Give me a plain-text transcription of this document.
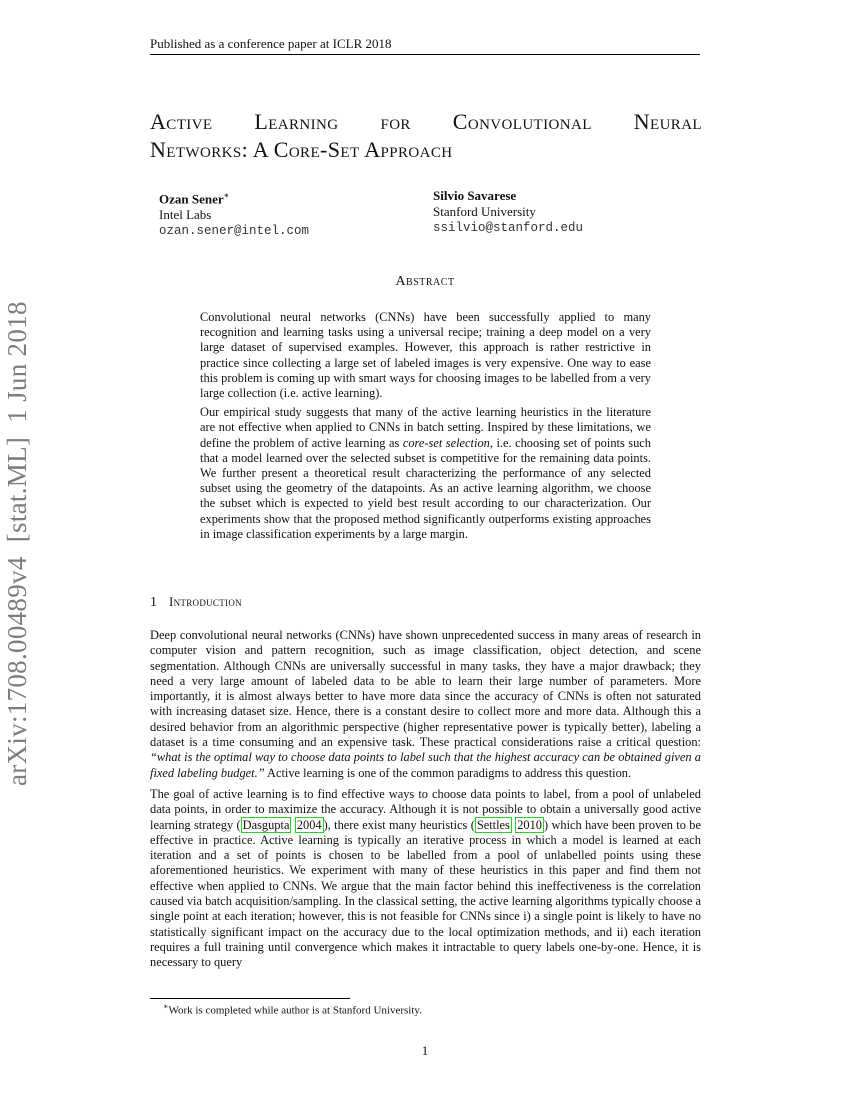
Published as a conference paper at ICLR 2018
Active Learning for Convolutional Neural
Networks: A Core-Set Approach
Ozan Sener∗
Intel Labs
ozan.sener@intel.com
Silvio Savarese
Stanford University
ssilvio@stanford.edu
Abstract

Convolutional neural networks (CNNs) have been successfully applied to many recognition and learning tasks using a universal recipe; training a deep model on a very large dataset of supervised examples. However, this approach is rather restrictive in practice since collecting a large set of labeled images is very expensive. One way to ease this problem is coming up with smart ways for choosing images to be labelled from a very large collection (i.e. active learning).

Our empirical study suggests that many of the active learning heuristics in the literature are not effective when applied to CNNs in batch setting. Inspired by these limitations, we define the problem of active learning as core-set selection, i.e. choosing set of points such that a model learned over the selected subset is competitive for the remaining data points. We further present a theoretical result characterizing the performance of any selected subset using the geometry of the datapoints. As an active learning algorithm, we choose the subset which is expected to yield best result according to our characterization. Our experiments show that the proposed method significantly outperforms existing approaches in image classification experiments by a large margin.

1 Introduction

Deep convolutional neural networks (CNNs) have shown unprecedented success in many areas of research in computer vision and pattern recognition, such as image classification, object detection, and scene segmentation. Although CNNs are universally successful in many tasks, they have a major drawback; they need a very large amount of labeled data to be able to learn their large number of parameters. More importantly, it is almost always better to have more data since the accuracy of CNNs is often not saturated with increasing dataset size. Hence, there is a constant desire to collect more and more data. Although this a desired behavior from an algorithmic perspective (higher representative power is typically better), labeling a dataset is a time consuming and an expensive task. These practical considerations raise a critical question: “what is the optimal way to choose data points to label such that the highest accuracy can be obtained given a fixed labeling budget.” Active learning is one of the common paradigms to address this question.

The goal of active learning is to find effective ways to choose data points to label, from a pool of unlabeled data points, in order to maximize the accuracy. Although it is not possible to obtain a universally good active learning strategy ( Dasgupta 2004 ), there exist many heuristics ( Settles 2010 ) which have been proven to be effective in practice. Active learning is typically an iterative process in which a model is learned at each iteration and a set of points is chosen to be labelled from a pool of unlabelled points using these aforementioned heuristics. We experiment with many of these heuristics in this paper and find them not effective when applied to CNNs. We argue that the main factor behind this ineffectiveness is the correlation caused via batch acquisition/sampling. In the classical setting, the active learning algorithms typically choose a single point at each iteration; however, this is not feasible for CNNs since i) a single point is likely to have no statistically significant impact on the accuracy due to the local optimization methods, and ii) each iteration requires a full training until convergence which makes it intractable to query labels one-by-one. Hence, it is necessary to query

∗Work is completed while author is at Stanford University.
1
arXiv:1708.00489v4  [stat.ML]  1 Jun 2018
